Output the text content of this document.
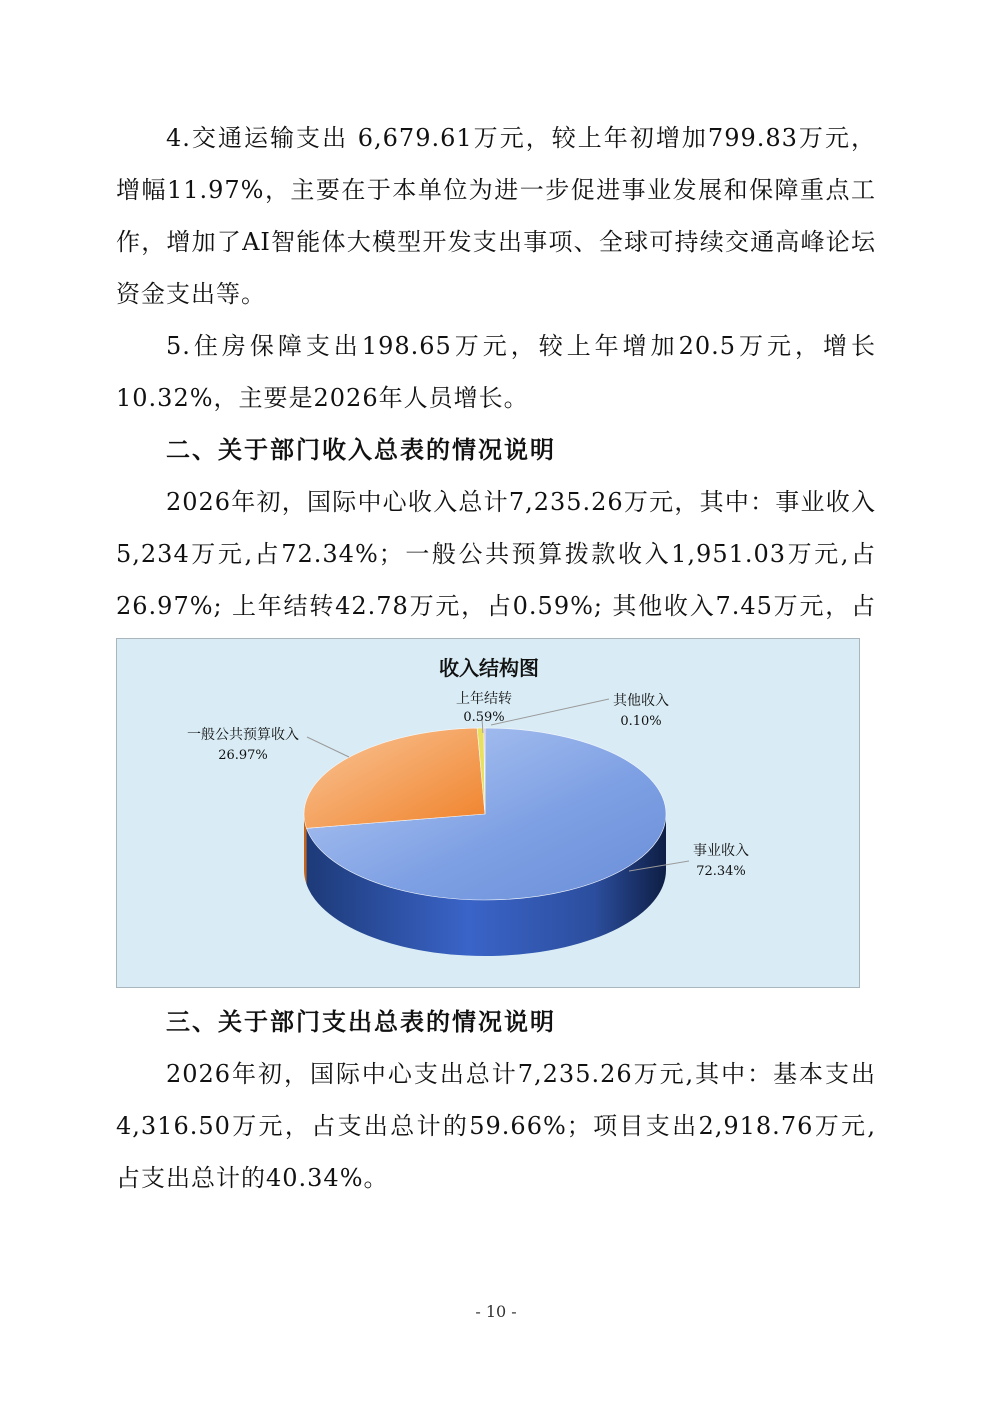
4.交通运输支出 6,679.61万元，较上年初增加799.83万元，增幅11.97%，主要在于本单位为进一步促进事业发展和保障重点工作，增加了AI智能体大模型开发支出事项、全球可持续交通高峰论坛资金支出等。

5.住房保障支出198.65万元，较上年增加20.5万元，增长10.32%，主要是2026年人员增长。

二、关于部门收入总表的情况说明

2026年初，国际中心收入总计7,235.26万元，其中：事业收入5,234万元,占72.34%；一般公共预算拨款收入1,951.03万元,占26.97%; 上年结转42.78万元，占0.59%; 其他收入7.45万元，占

收入结构图
上年结转
0.59%
其他收入
0.10%
一般公共预算收入
26.97%
事业收入
72.34%

三、关于部门支出总表的情况说明

2026年初，国际中心支出总计7,235.26万元,其中：基本支出4,316.50万元，占支出总计的59.66%；项目支出2,918.76万元,占支出总计的40.34%。

- 10 -
